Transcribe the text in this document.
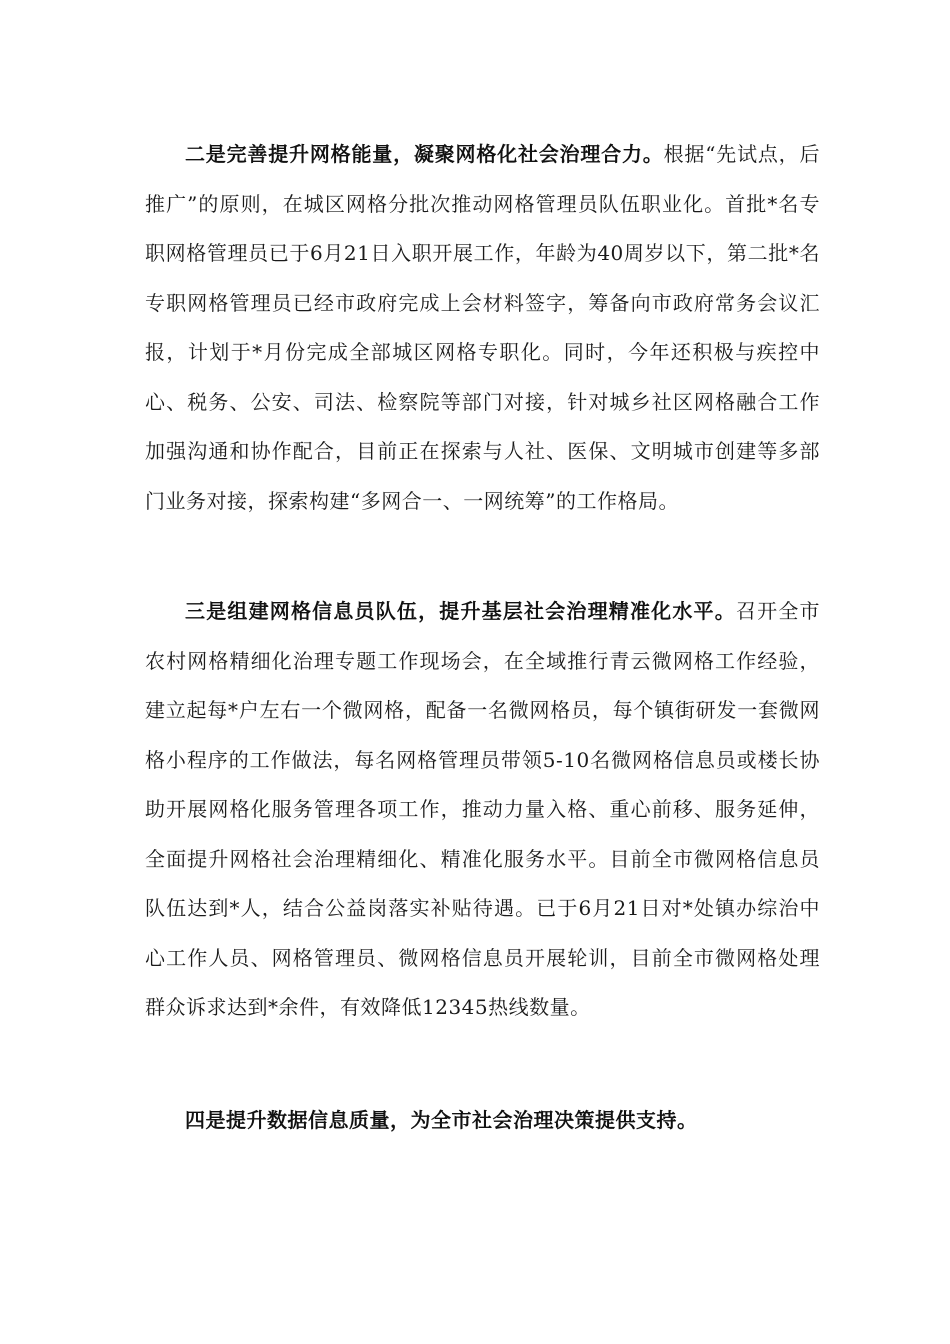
二是完善提升网格能量，凝聚网格化社会治理合力。根据“先试点，后推广”的原则，在城区网格分批次推动网格管理员队伍职业化。首批*名专职网格管理员已于6月21日入职开展工作，年龄为40周岁以下，第二批*名专职网格管理员已经市政府完成上会材料签字，筹备向市政府常务会议汇报，计划于*月份完成全部城区网格专职化。同时，今年还积极与疾控中心、税务、公安、司法、检察院等部门对接，针对城乡社区网格融合工作加强沟通和协作配合，目前正在探索与人社、医保、文明城市创建等多部门业务对接，探索构建“多网合一、一网统筹”的工作格局。

三是组建网格信息员队伍，提升基层社会治理精准化水平。召开全市农村网格精细化治理专题工作现场会，在全域推行青云微网格工作经验，建立起每*户左右一个微网格，配备一名微网格员，每个镇街研发一套微网格小程序的工作做法，每名网格管理员带领5-10名微网格信息员或楼长协助开展网格化服务管理各项工作，推动力量入格、重心前移、服务延伸，全面提升网格社会治理精细化、精准化服务水平。目前全市微网格信息员队伍达到*人，结合公益岗落实补贴待遇。已于6月21日对*处镇办综治中心工作人员、网格管理员、微网格信息员开展轮训，目前全市微网格处理群众诉求达到*余件，有效降低12345热线数量。

四是提升数据信息质量，为全市社会治理决策提供支持。
